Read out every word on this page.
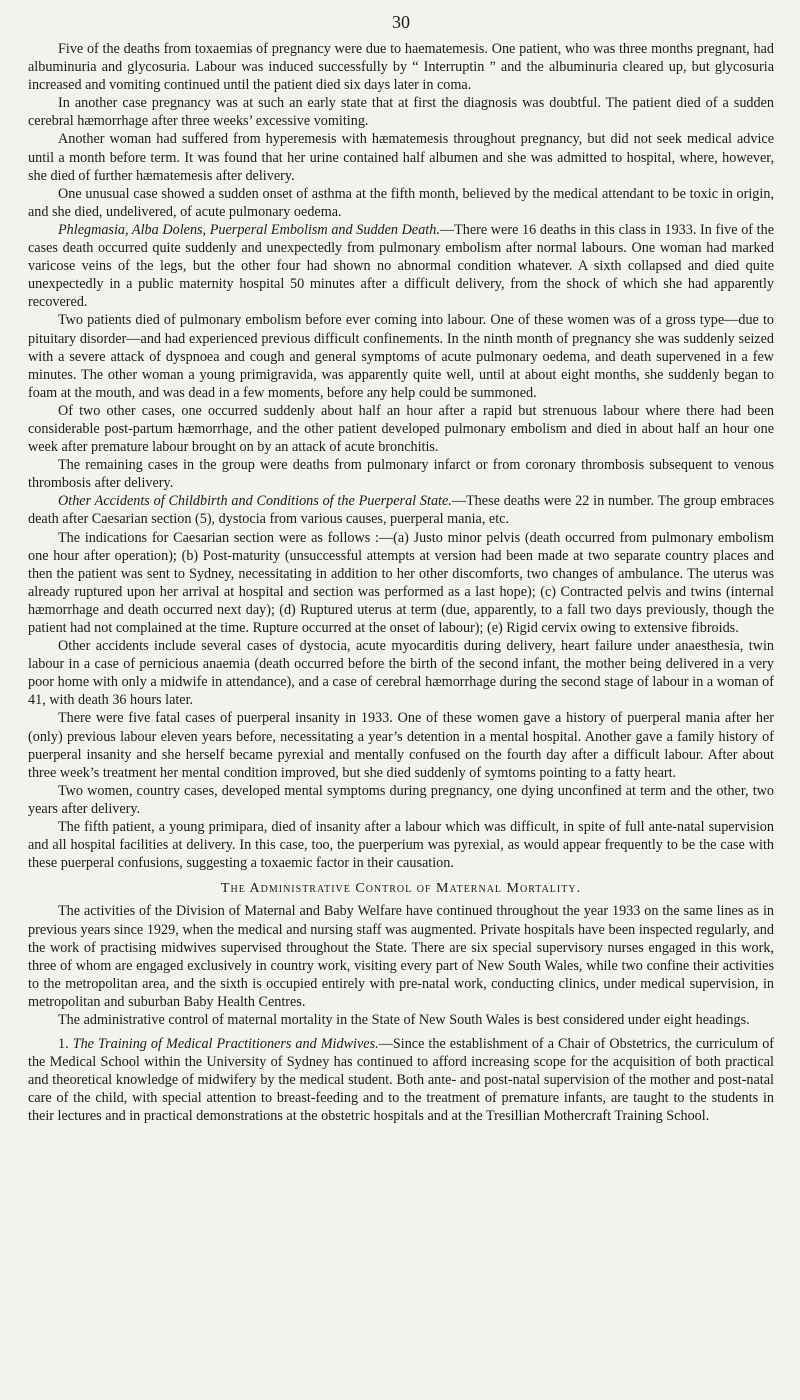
30

Five of the deaths from toxaemias of pregnancy were due to haematemesis. One patient, who was three months pregnant, had albuminuria and glycosuria. Labour was induced successfully by “ Interruptin ” and the albuminuria cleared up, but glycosuria increased and vomiting continued until the patient died six days later in coma.

In another case pregnancy was at such an early state that at first the diagnosis was doubtful. The patient died of a sudden cerebral hæmorrhage after three weeks’ excessive vomiting.

Another woman had suffered from hyperemesis with hæmatemesis throughout pregnancy, but did not seek medical advice until a month before term. It was found that her urine contained half albumen and she was admitted to hospital, where, however, she died of further hæmatemesis after delivery.

One unusual case showed a sudden onset of asthma at the fifth month, believed by the medical attendant to be toxic in origin, and she died, undelivered, of acute pulmonary oedema.

Phlegmasia, Alba Dolens, Puerperal Embolism and Sudden Death.—There were 16 deaths in this class in 1933. In five of the cases death occurred quite suddenly and unexpectedly from pulmonary embolism after normal labours. One woman had marked varicose veins of the legs, but the other four had shown no abnormal condition whatever. A sixth collapsed and died quite unexpectedly in a public maternity hospital 50 minutes after a difficult delivery, from the shock of which she had apparently recovered.

Two patients died of pulmonary embolism before ever coming into labour. One of these women was of a gross type—due to pituitary disorder—and had experienced previous difficult confinements. In the ninth month of pregnancy she was suddenly seized with a severe attack of dyspnoea and cough and general symptoms of acute pulmonary oedema, and death supervened in a few minutes. The other woman a young primigravida, was apparently quite well, until at about eight months, she suddenly began to foam at the mouth, and was dead in a few moments, before any help could be summoned.

Of two other cases, one occurred suddenly about half an hour after a rapid but strenuous labour where there had been considerable post-partum hæmorrhage, and the other patient developed pulmonary embolism and died in about half an hour one week after premature labour brought on by an attack of acute bronchitis.

The remaining cases in the group were deaths from pulmonary infarct or from coronary thrombosis subsequent to venous thrombosis after delivery.

Other Accidents of Childbirth and Conditions of the Puerperal State.—These deaths were 22 in number. The group embraces death after Caesarian section (5), dystocia from various causes, puerperal mania, etc.

The indications for Caesarian section were as follows :—(a) Justo minor pelvis (death occurred from pulmonary embolism one hour after operation); (b) Post-maturity (unsuccessful attempts at version had been made at two separate country places and then the patient was sent to Sydney, necessitating in addition to her other discomforts, two changes of ambulance. The uterus was already ruptured upon her arrival at hospital and section was performed as a last hope); (c) Contracted pelvis and twins (internal hæmorrhage and death occurred next day); (d) Ruptured uterus at term (due, apparently, to a fall two days previously, though the patient had not complained at the time. Rupture occurred at the onset of labour); (e) Rigid cervix owing to extensive fibroids.

Other accidents include several cases of dystocia, acute myocarditis during delivery, heart failure under anaesthesia, twin labour in a case of pernicious anaemia (death occurred before the birth of the second infant, the mother being delivered in a very poor home with only a midwife in attendance), and a case of cerebral hæmorrhage during the second stage of labour in a woman of 41, with death 36 hours later.

There were five fatal cases of puerperal insanity in 1933. One of these women gave a history of puerperal mania after her (only) previous labour eleven years before, necessitating a year’s detention in a mental hospital. Another gave a family history of puerperal insanity and she herself became pyrexial and mentally confused on the fourth day after a difficult labour. After about three week’s treatment her mental condition improved, but she died suddenly of symtoms pointing to a fatty heart.

Two women, country cases, developed mental symptoms during pregnancy, one dying unconfined at term and the other, two years after delivery.

The fifth patient, a young primipara, died of insanity after a labour which was difficult, in spite of full ante-natal supervision and all hospital facilities at delivery. In this case, too, the puerperium was pyrexial, as would appear frequently to be the case with these puerperal confusions, suggesting a toxaemic factor in their causation.

The Administrative Control of Maternal Mortality.

The activities of the Division of Maternal and Baby Welfare have continued throughout the year 1933 on the same lines as in previous years since 1929, when the medical and nursing staff was augmented. Private hospitals have been inspected regularly, and the work of practising midwives supervised throughout the State. There are six special supervisory nurses engaged in this work, three of whom are engaged exclusively in country work, visiting every part of New South Wales, while two confine their activities to the metropolitan area, and the sixth is occupied entirely with pre-natal work, conducting clinics, under medical supervision, in metropolitan and suburban Baby Health Centres.

The administrative control of maternal mortality in the State of New South Wales is best considered under eight headings.

1. The Training of Medical Practitioners and Midwives.—Since the establishment of a Chair of Obstetrics, the curriculum of the Medical School within the University of Sydney has continued to afford increasing scope for the acquisition of both practical and theoretical knowledge of midwifery by the medical student. Both ante- and post-natal supervision of the mother and post-natal care of the child, with special attention to breast-feeding and to the treatment of premature infants, are taught to the students in their lectures and in practical demonstrations at the obstetric hospitals and at the Tresillian Mothercraft Training School.
